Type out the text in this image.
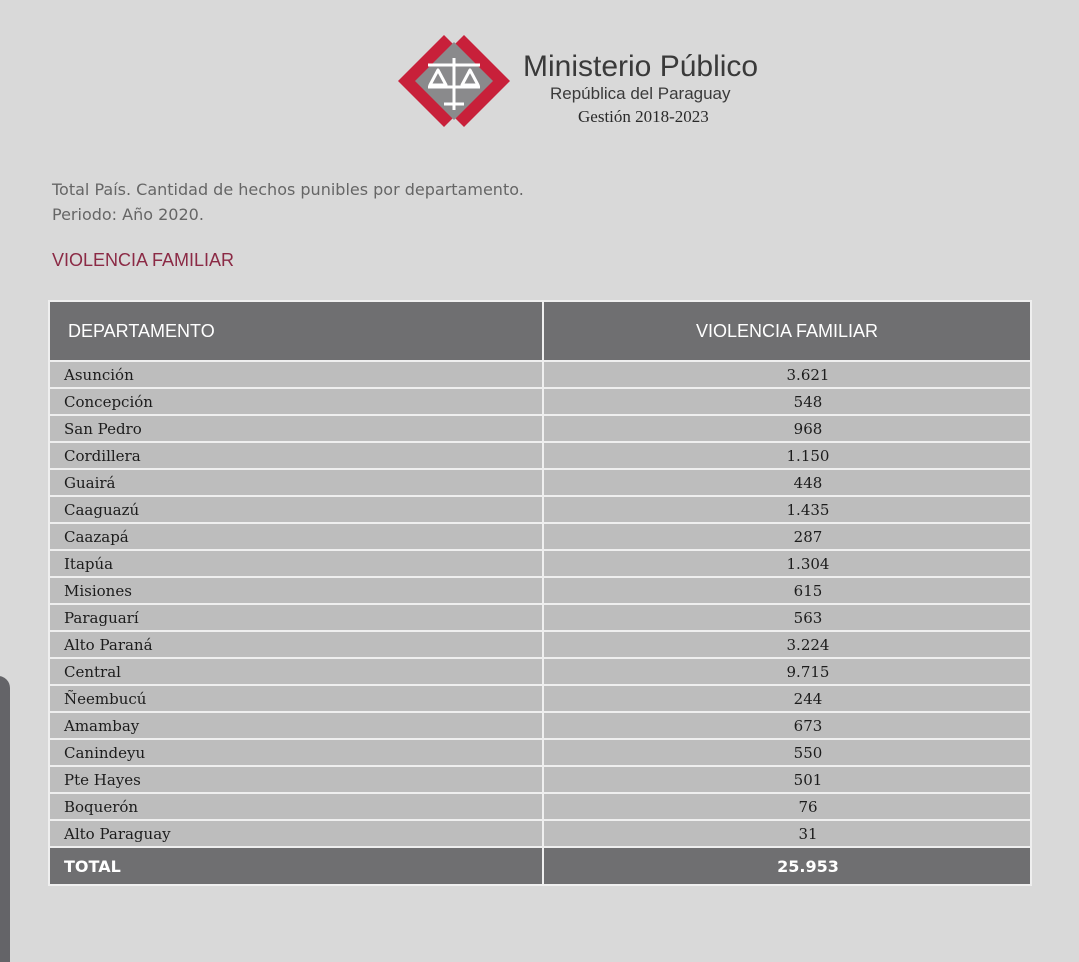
Ministerio Público
República del Paraguay
Gestión 2018-2023
Total País. Cantidad de hechos punibles por departamento.
Periodo: Año 2020.
VIOLENCIA FAMILIAR
DEPARTAMENTO	VIOLENCIA FAMILIAR
Asunción	3.621
Concepción	548
San Pedro	968
Cordillera	1.150
Guairá	448
Caaguazú	1.435
Caazapá	287
Itapúa	1.304
Misiones	615
Paraguarí	563
Alto Paraná	3.224
Central	9.715
Ñeembucú	244
Amambay	673
Canindeyu	550
Pte Hayes	501
Boquerón	76
Alto Paraguay	31
TOTAL	25.953
